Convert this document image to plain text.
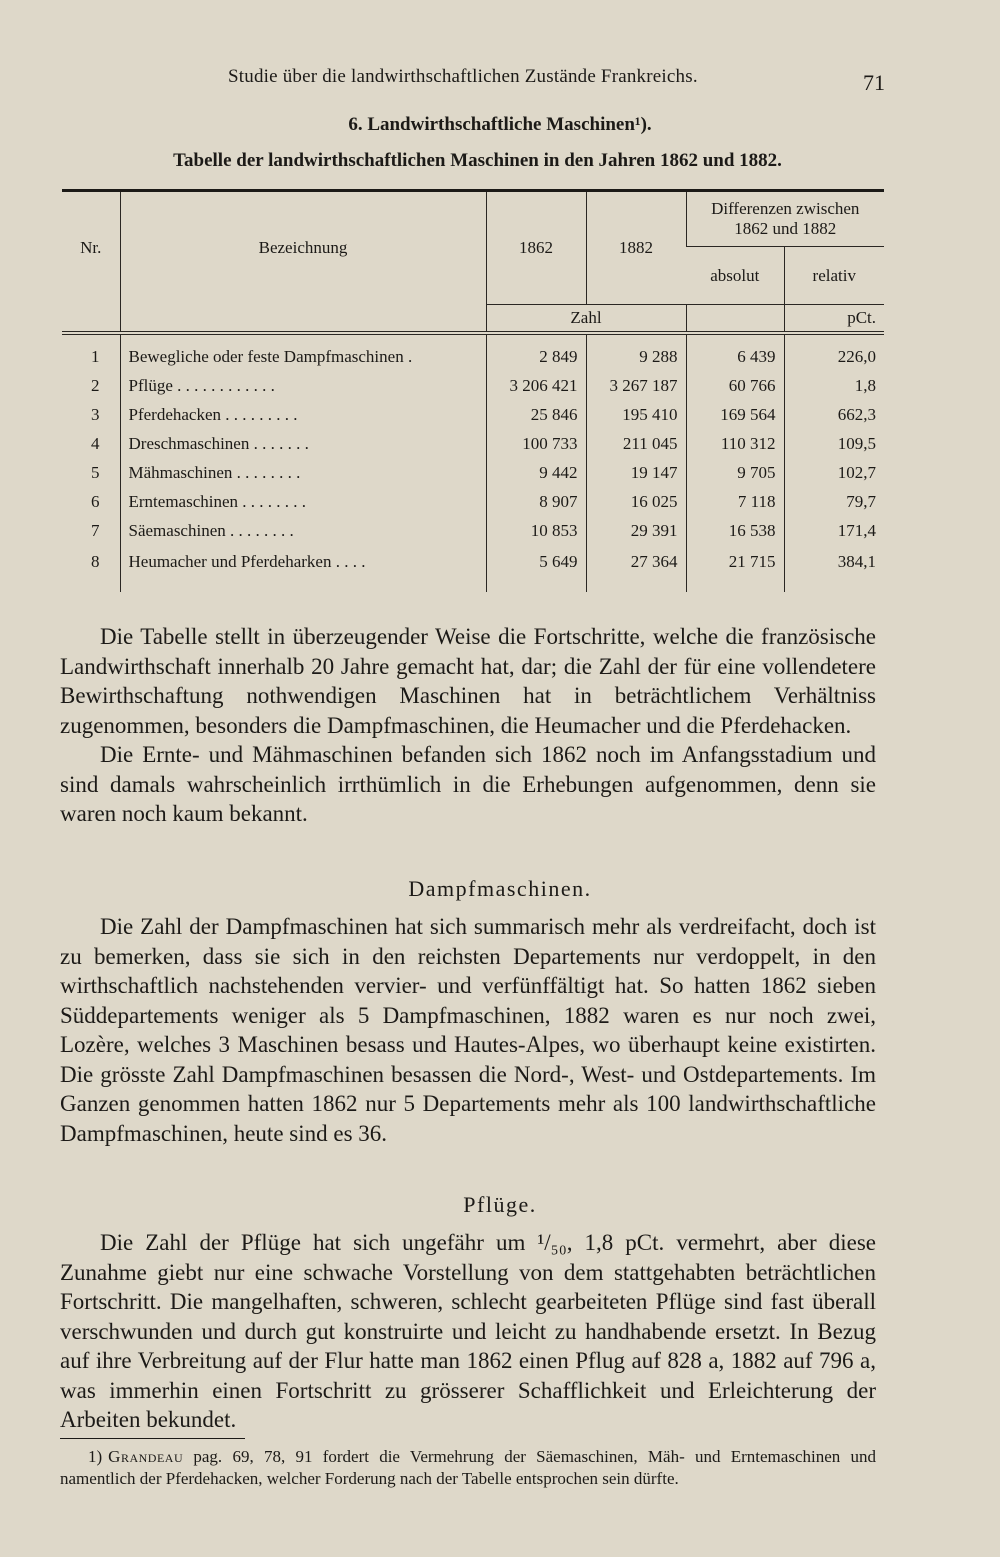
Studie über die landwirthschaftlichen Zustände Frankreichs.	71
6. Landwirthschaftliche Maschinen¹).
Tabelle der landwirthschaftlichen Maschinen in den Jahren 1862 und 1882.
Nr.	Bezeichnung	1862	1882	Differenzen zwischen 1862 und 1882	
				absolut	relativ
		Zahl			pCt.
1	Bewegliche oder feste Dampfmaschinen .	2 849	9 288	6 439	226,0
2	Pflüge . . . . . . . . . . . .	3 206 421	3 267 187	60 766	1,8
3	Pferdehacken . . . . . . . . .	25 846	195 410	169 564	662,3
4	Dreschmaschinen . . . . . . .	100 733	211 045	110 312	109,5
5	Mähmaschinen . . . . . . . .	9 442	19 147	9 705	102,7
6	Erntemaschinen . . . . . . . .	8 907	16 025	7 118	79,7
7	Säemaschinen . . . . . . . .	10 853	29 391	16 538	171,4
8	Heumacher und Pferdeharken . . . .	5 649	27 364	21 715	384,1

Die Tabelle stellt in überzeugender Weise die Fortschritte, welche die französische Landwirthschaft innerhalb 20 Jahre gemacht hat, dar; die Zahl der für eine vollendetere Bewirthschaftung nothwendigen Maschinen hat in beträchtlichem Verhältniss zugenommen, besonders die Dampfmaschinen, die Heumacher und die Pferdehacken.

Die Ernte- und Mähmaschinen befanden sich 1862 noch im Anfangsstadium und sind damals wahrscheinlich irrthümlich in die Erhebungen aufgenommen, denn sie waren noch kaum bekannt.

Dampfmaschinen.

Die Zahl der Dampfmaschinen hat sich summarisch mehr als verdreifacht, doch ist zu bemerken, dass sie sich in den reichsten Departements nur verdoppelt, in den wirthschaftlich nachstehenden vervier- und verfünffältigt hat. So hatten 1862 sieben Süddepartements weniger als 5 Dampfmaschinen, 1882 waren es nur noch zwei, Lozère, welches 3 Maschinen besass und Hautes-Alpes, wo überhaupt keine existirten. Die grösste Zahl Dampfmaschinen besassen die Nord-, West- und Ostdepartements. Im Ganzen genommen hatten 1862 nur 5 Departements mehr als 100 landwirthschaftliche Dampfmaschinen, heute sind es 36.

Pflüge.

Die Zahl der Pflüge hat sich ungefähr um ¹/₅₀, 1,8 pCt. vermehrt, aber diese Zunahme giebt nur eine schwache Vorstellung von dem stattgehabten beträchtlichen Fortschritt. Die mangelhaften, schweren, schlecht gearbeiteten Pflüge sind fast überall verschwunden und durch gut konstruirte und leicht zu handhabende ersetzt. In Bezug auf ihre Verbreitung auf der Flur hatte man 1862 einen Pflug auf 828 a, 1882 auf 796 a, was immerhin einen Fortschritt zu grösserer Schafflichkeit und Erleichterung der Arbeiten bekundet.

1) Grandeau pag. 69, 78, 91 fordert die Vermehrung der Säemaschinen, Mäh- und Erntemaschinen und namentlich der Pferdehacken, welcher Forderung nach der Tabelle entsprochen sein dürfte.
